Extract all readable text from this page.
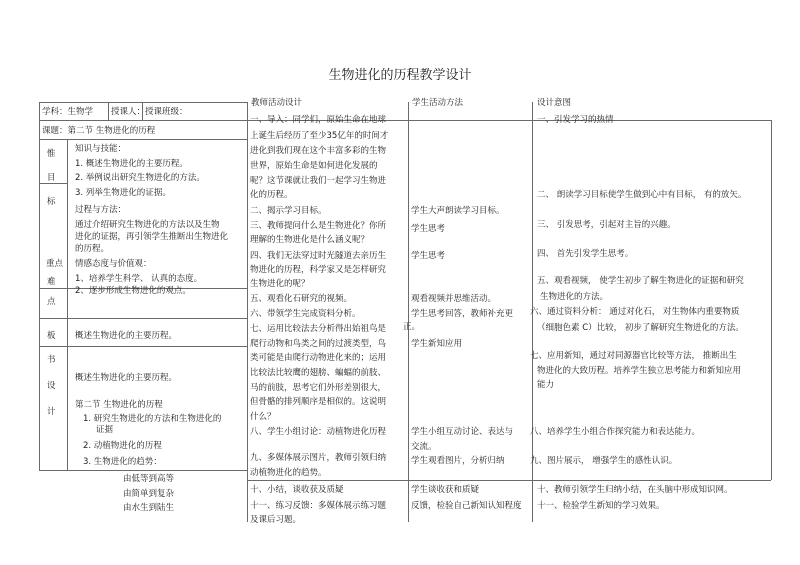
生物进化的历程教学设计
学科：生物学 授课人： 授课班级：
教师活动设计	学生活动方法	设计意图
课题：第二节 生物进化的历程
惟
目
标
重点
难
点
板
书
设
计
知识与技能：
1. 概述生物进化的主要历程。
2. 举例说出研究生物进化的方法。
3. 列举生物进化的证据。
过程与方法：
通过介绍研究生物进化的方法以及生物
进化的证据，再引领学生推断出生物进化
的历程。
情感态度与价值观：
1、培养学生科学、 认真的态度。
2、逐步形成生物进化的观点。
概述生物进化的主要历程。
概述生物进化的主要历程。
第二节 生物进化的历程
1. 研究生物进化的方法和生物进化的
证据
2. 动植物进化的历程
3. 生物进化的趋势：
由低等到高等
由简单到复杂
由水生到陆生
一、导入：同学们，原始生命在地球
上诞生后经历了至少35亿年的时间才
进化到我们现在这个丰富多彩的生物
世界，原始生命是如何进化发展的
呢？这节课就让我们一起学习生物进
化的历程。
二、揭示学习目标。
三、教师提问什么是生物进化？你所
理解的生物进化是什么涵义呢？
四、我们无法穿过时光隧道去亲历生
物进化的历程，科学家又是怎样研究
生物进化的呢？
五、观看化石研究的视频。
六、带领学生完成资料分析。
七、运用比较法去分析得出始祖鸟是
爬行动物和鸟类之间的过渡类型，鸟
类可能是由爬行动物进化来的；运用
比较法比较鹰的翅膀、蝙蝠的前肢、
马的前肢，思考它们外形差别很大，
但骨骼的排列顺序是相似的。这说明
什么？
八、学生小组讨论：动植物进化历程
九、多媒体展示图片，教师引领归纳
动植物进化的趋势。
十、小结，谈收获及质疑
十一、练习反馈：多媒体展示练习题
及课后习题。
学生大声朗读学习目标。
学生思考
学生思考
观看视频并思维活动。
学生思考回答，教师补充更
正。
学生新知应用
学生小组互动讨论、表达与
交流。
学生观看图片，分析归纳
学生谈收获和质疑
反馈，检验自己新知认知程度
一、引发学习的热情
二、 朗读学习目标使学生做到心中有目标， 有的放矢。
三、 引发思考，引起对主旨的兴趣。
四、 首先引发学生思考。
五、观看视频， 使学生初步了解生物进化的证据和研究
生物进化的方法。
六、通过资料分析： 通过对化石， 对生物体内重要物质
（细胞色素 C）比较， 初步了解研究生物进化的方法。
七、应用新知，通过对同源器官比较等方法， 推断出生
物进化的大致历程。培养学生独立思考能力和新知应用
能力
八、培养学生小组合作探究能力和表达能力。
九、图片展示， 增强学生的感性认识。
十、教师引领学生归纳小结，在头脑中形成知识网。
十一、检验学生新知的学习效果。
